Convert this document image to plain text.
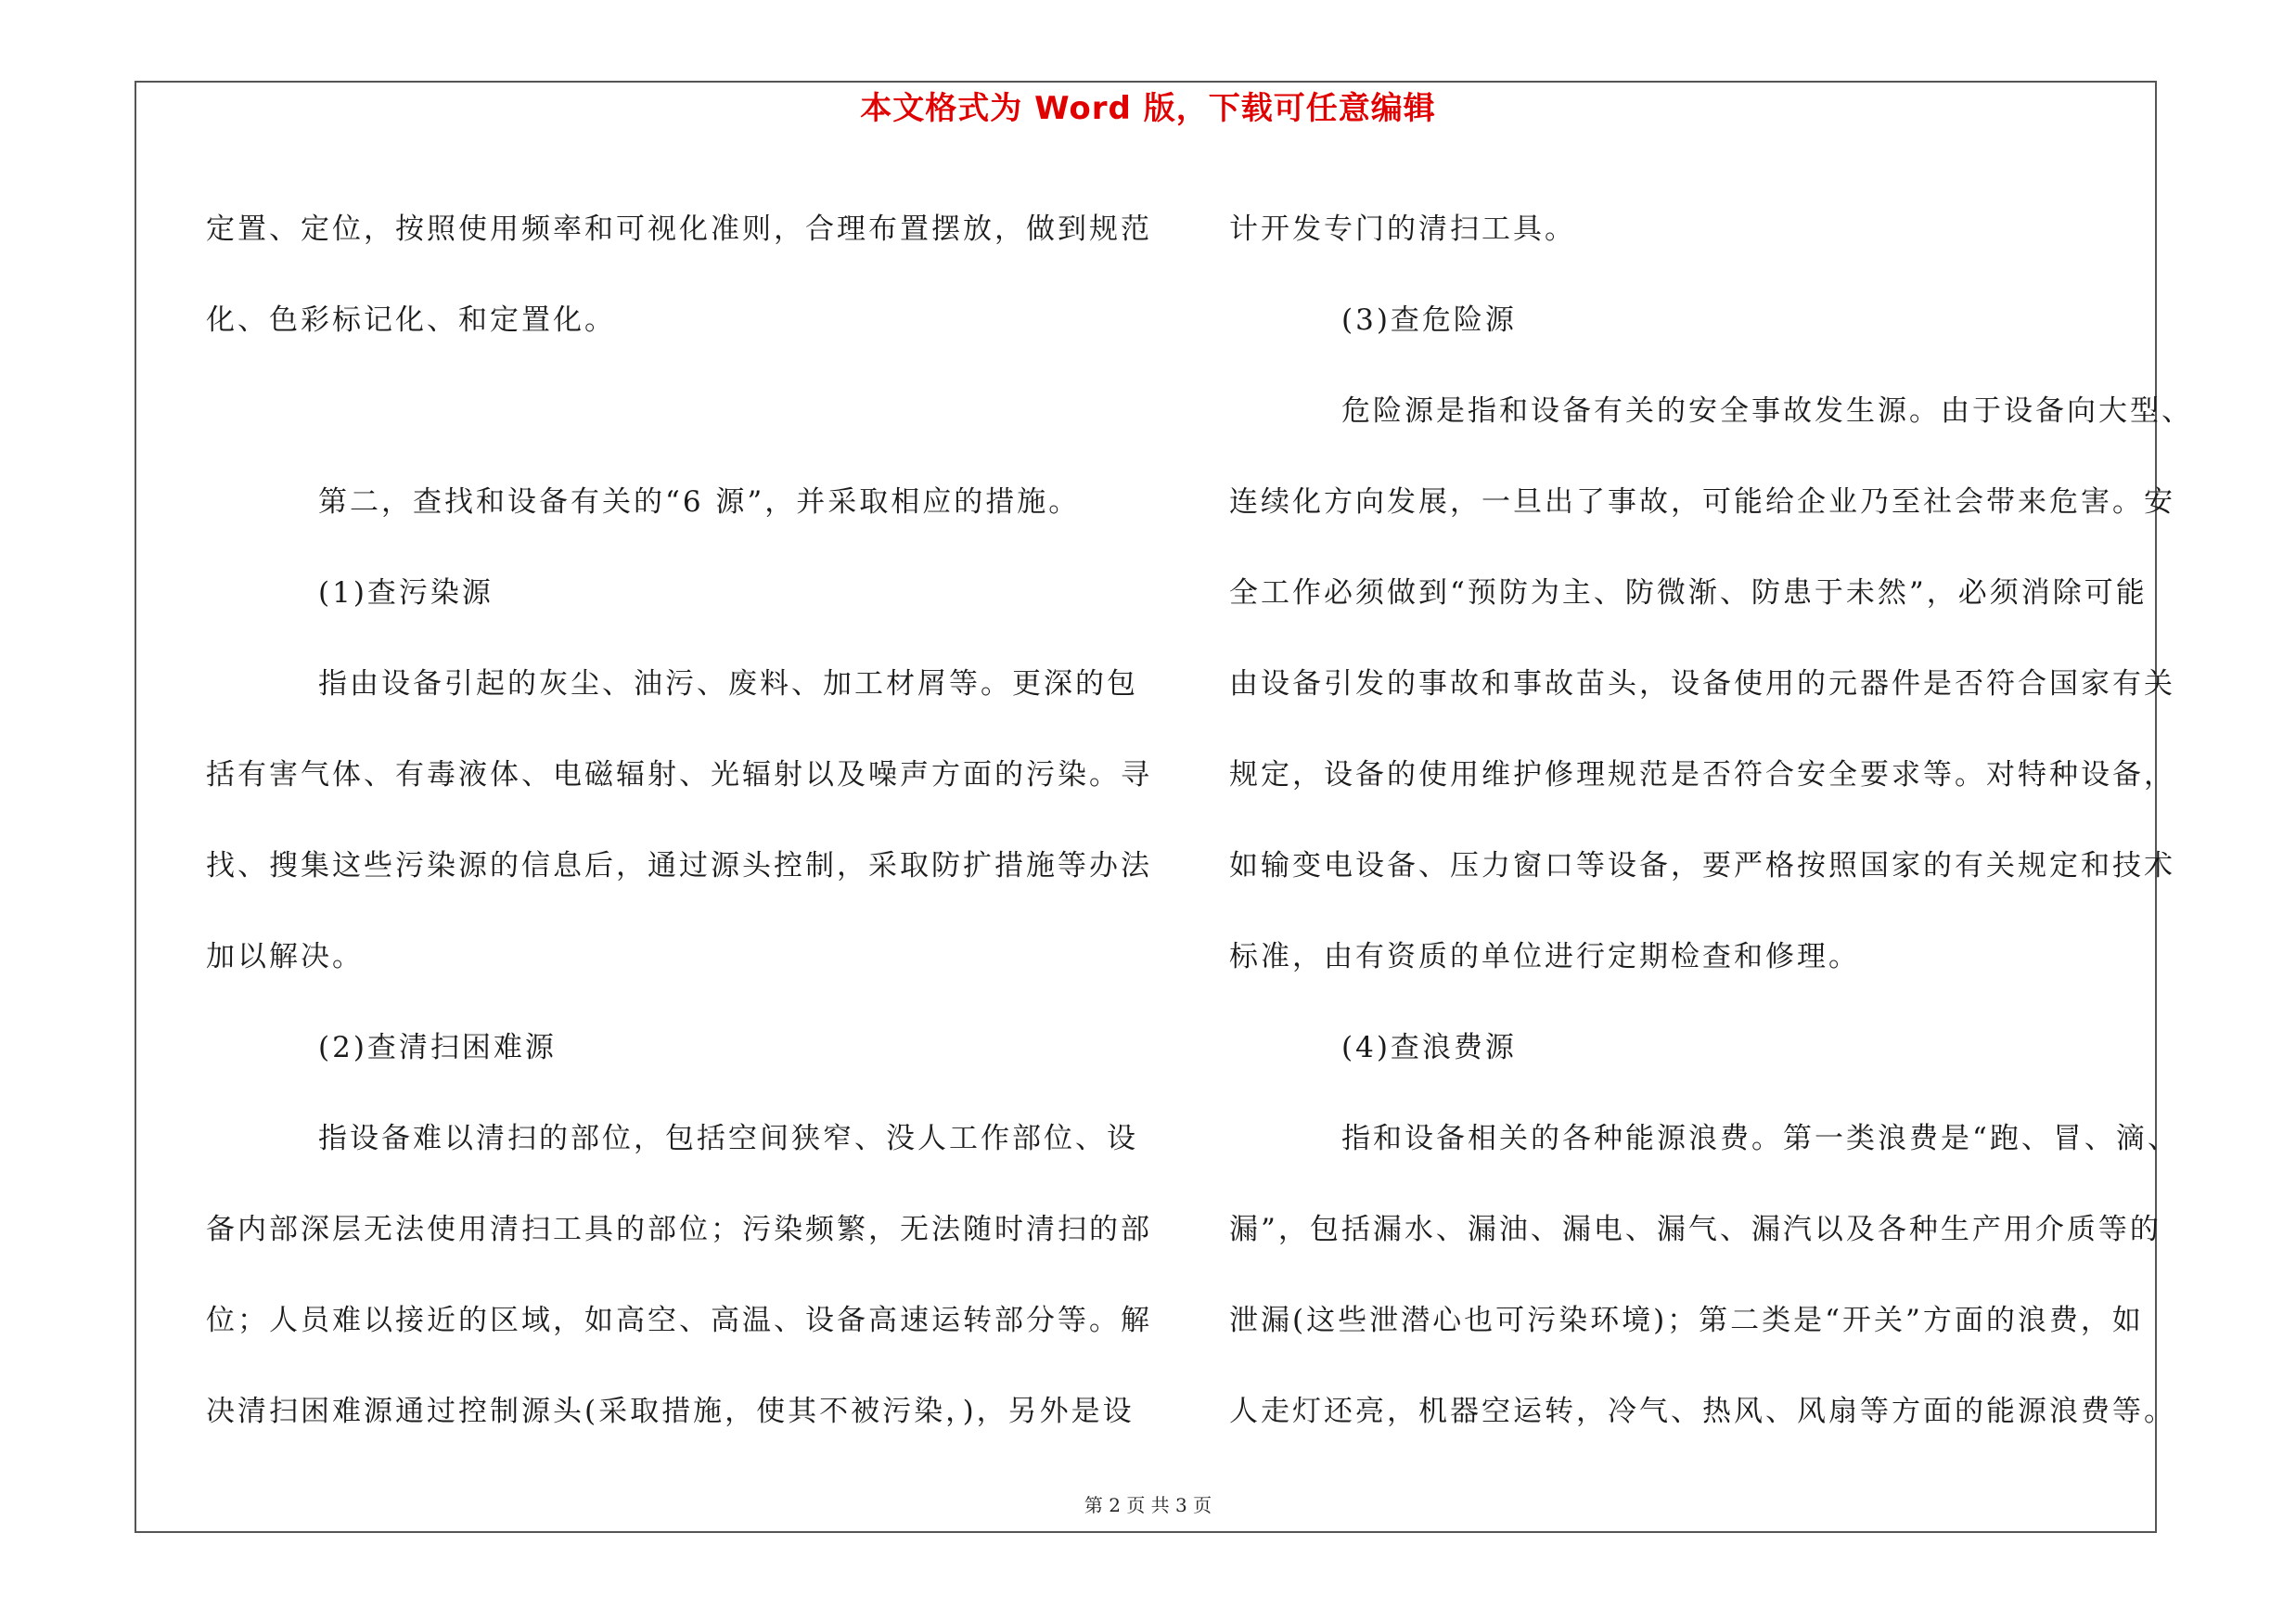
本文格式为 Word 版，下载可任意编辑

定置、定位，按照使用频率和可视化准则，合理布置摆放，做到规范

化、色彩标记化、和定置化。

第二，查找和设备有关的“6 源”，并采取相应的措施。

(1)查污染源

指由设备引起的灰尘、油污、废料、加工材屑等。更深的包

括有害气体、有毒液体、电磁辐射、光辐射以及噪声方面的污染。寻

找、搜集这些污染源的信息后，通过源头控制，采取防扩措施等办法

加以解决。

(2)查清扫困难源

指设备难以清扫的部位，包括空间狭窄、没人工作部位、设

备内部深层无法使用清扫工具的部位；污染频繁，无法随时清扫的部

位；人员难以接近的区域，如高空、高温、设备高速运转部分等。解

决清扫困难源通过控制源头(采取措施，使其不被污染，)，另外是设

计开发专门的清扫工具。

(3)查危险源

危险源是指和设备有关的安全事故发生源。由于设备向大型、

连续化方向发展，一旦出了事故，可能给企业乃至社会带来危害。安

全工作必须做到“预防为主、防微渐、防患于未然”，必须消除可能

由设备引发的事故和事故苗头，设备使用的元器件是否符合国家有关

规定，设备的使用维护修理规范是否符合安全要求等。对特种设备，

如输变电设备、压力窗口等设备，要严格按照国家的有关规定和技术

标准，由有资质的单位进行定期检查和修理。

(4)查浪费源

指和设备相关的各种能源浪费。第一类浪费是“跑、冒、滴、

漏”，包括漏水、漏油、漏电、漏气、漏汽以及各种生产用介质等的

泄漏(这些泄潜心也可污染环境)；第二类是“开关”方面的浪费，如

人走灯还亮，机器空运转，冷气、热风、风扇等方面的能源浪费等。

第 2 页 共 3 页
